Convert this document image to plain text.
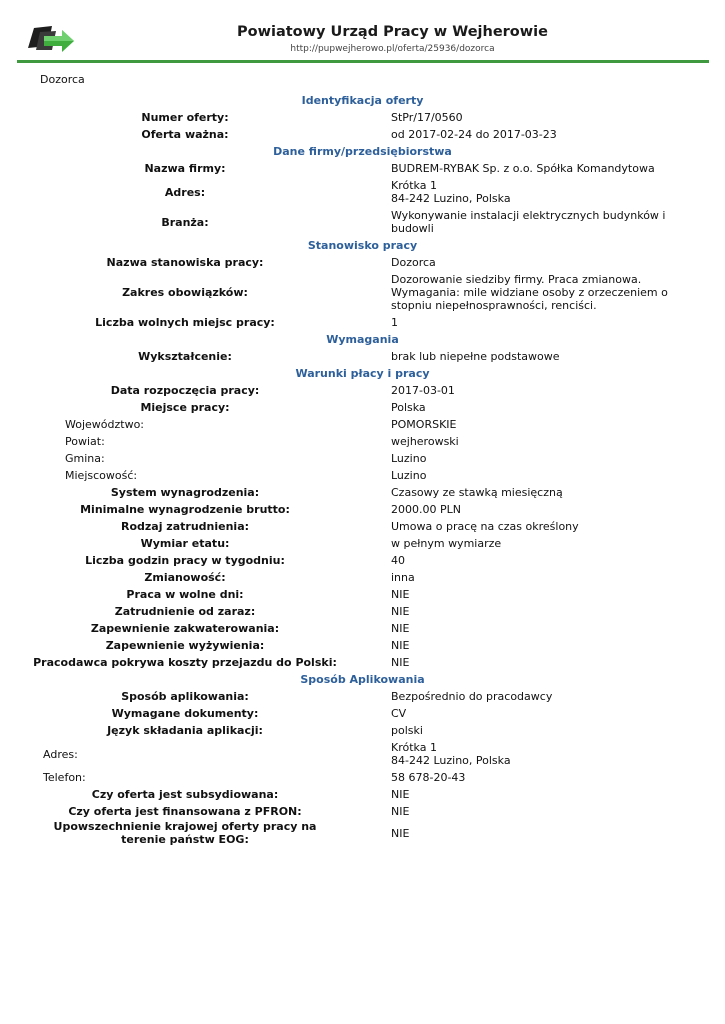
Powiatowy Urząd Pracy w Wejherowie
http://pupwejherowo.pl/oferta/25936/dozorca
Dozorca
Identyfikacja oferty
Numer oferty:	StPr/17/0560
Oferta ważna:	od 2017-02-24 do 2017-03-23
Dane firmy/przedsiębiorstwa
Nazwa firmy:	BUDREM-RYBAK Sp. z o.o. Spółka Komandytowa
Adres:	Krótka 1
84-242 Luzino, Polska
Branża:	Wykonywanie instalacji elektrycznych budynków i budowli
Stanowisko pracy
Nazwa stanowiska pracy:	Dozorca
Zakres obowiązków:
Dozorowanie siedziby firmy. Praca zmianowa. Wymagania: mile widziane osoby z orzeczeniem o stopniu niepełnosprawności, renciści.
Liczba wolnych miejsc pracy:	1
Wymagania
Wykształcenie:	brak lub niepełne podstawowe
Warunki płacy i pracy
Data rozpoczęcia pracy:	2017-03-01
Miejsce pracy:	Polska
Województwo:	POMORSKIE
Powiat:	wejherowski
Gmina:	Luzino
Miejscowość:	Luzino
System wynagrodzenia:	Czasowy ze stawką miesięczną
Minimalne wynagrodzenie brutto:	2000.00 PLN
Rodzaj zatrudnienia:	Umowa o pracę na czas określony
Wymiar etatu:	w pełnym wymiarze
Liczba godzin pracy w tygodniu:	40
Zmianowość:	inna
Praca w wolne dni:	NIE
Zatrudnienie od zaraz:	NIE
Zapewnienie zakwaterowania:	NIE
Zapewnienie wyżywienia:	NIE
Pracodawca pokrywa koszty przejazdu do Polski:	NIE
Sposób Aplikowania
Sposób aplikowania:	Bezpośrednio do pracodawcy
Wymagane dokumenty:	CV
Język składania aplikacji:	polski
Adres:	Krótka 1
84-242 Luzino, Polska
Telefon:	58 678-20-43
Czy oferta jest subsydiowana:	NIE
Czy oferta jest finansowana z PFRON:	NIE
Upowszechnienie krajowej oferty pracy na terenie państw EOG:	NIE
